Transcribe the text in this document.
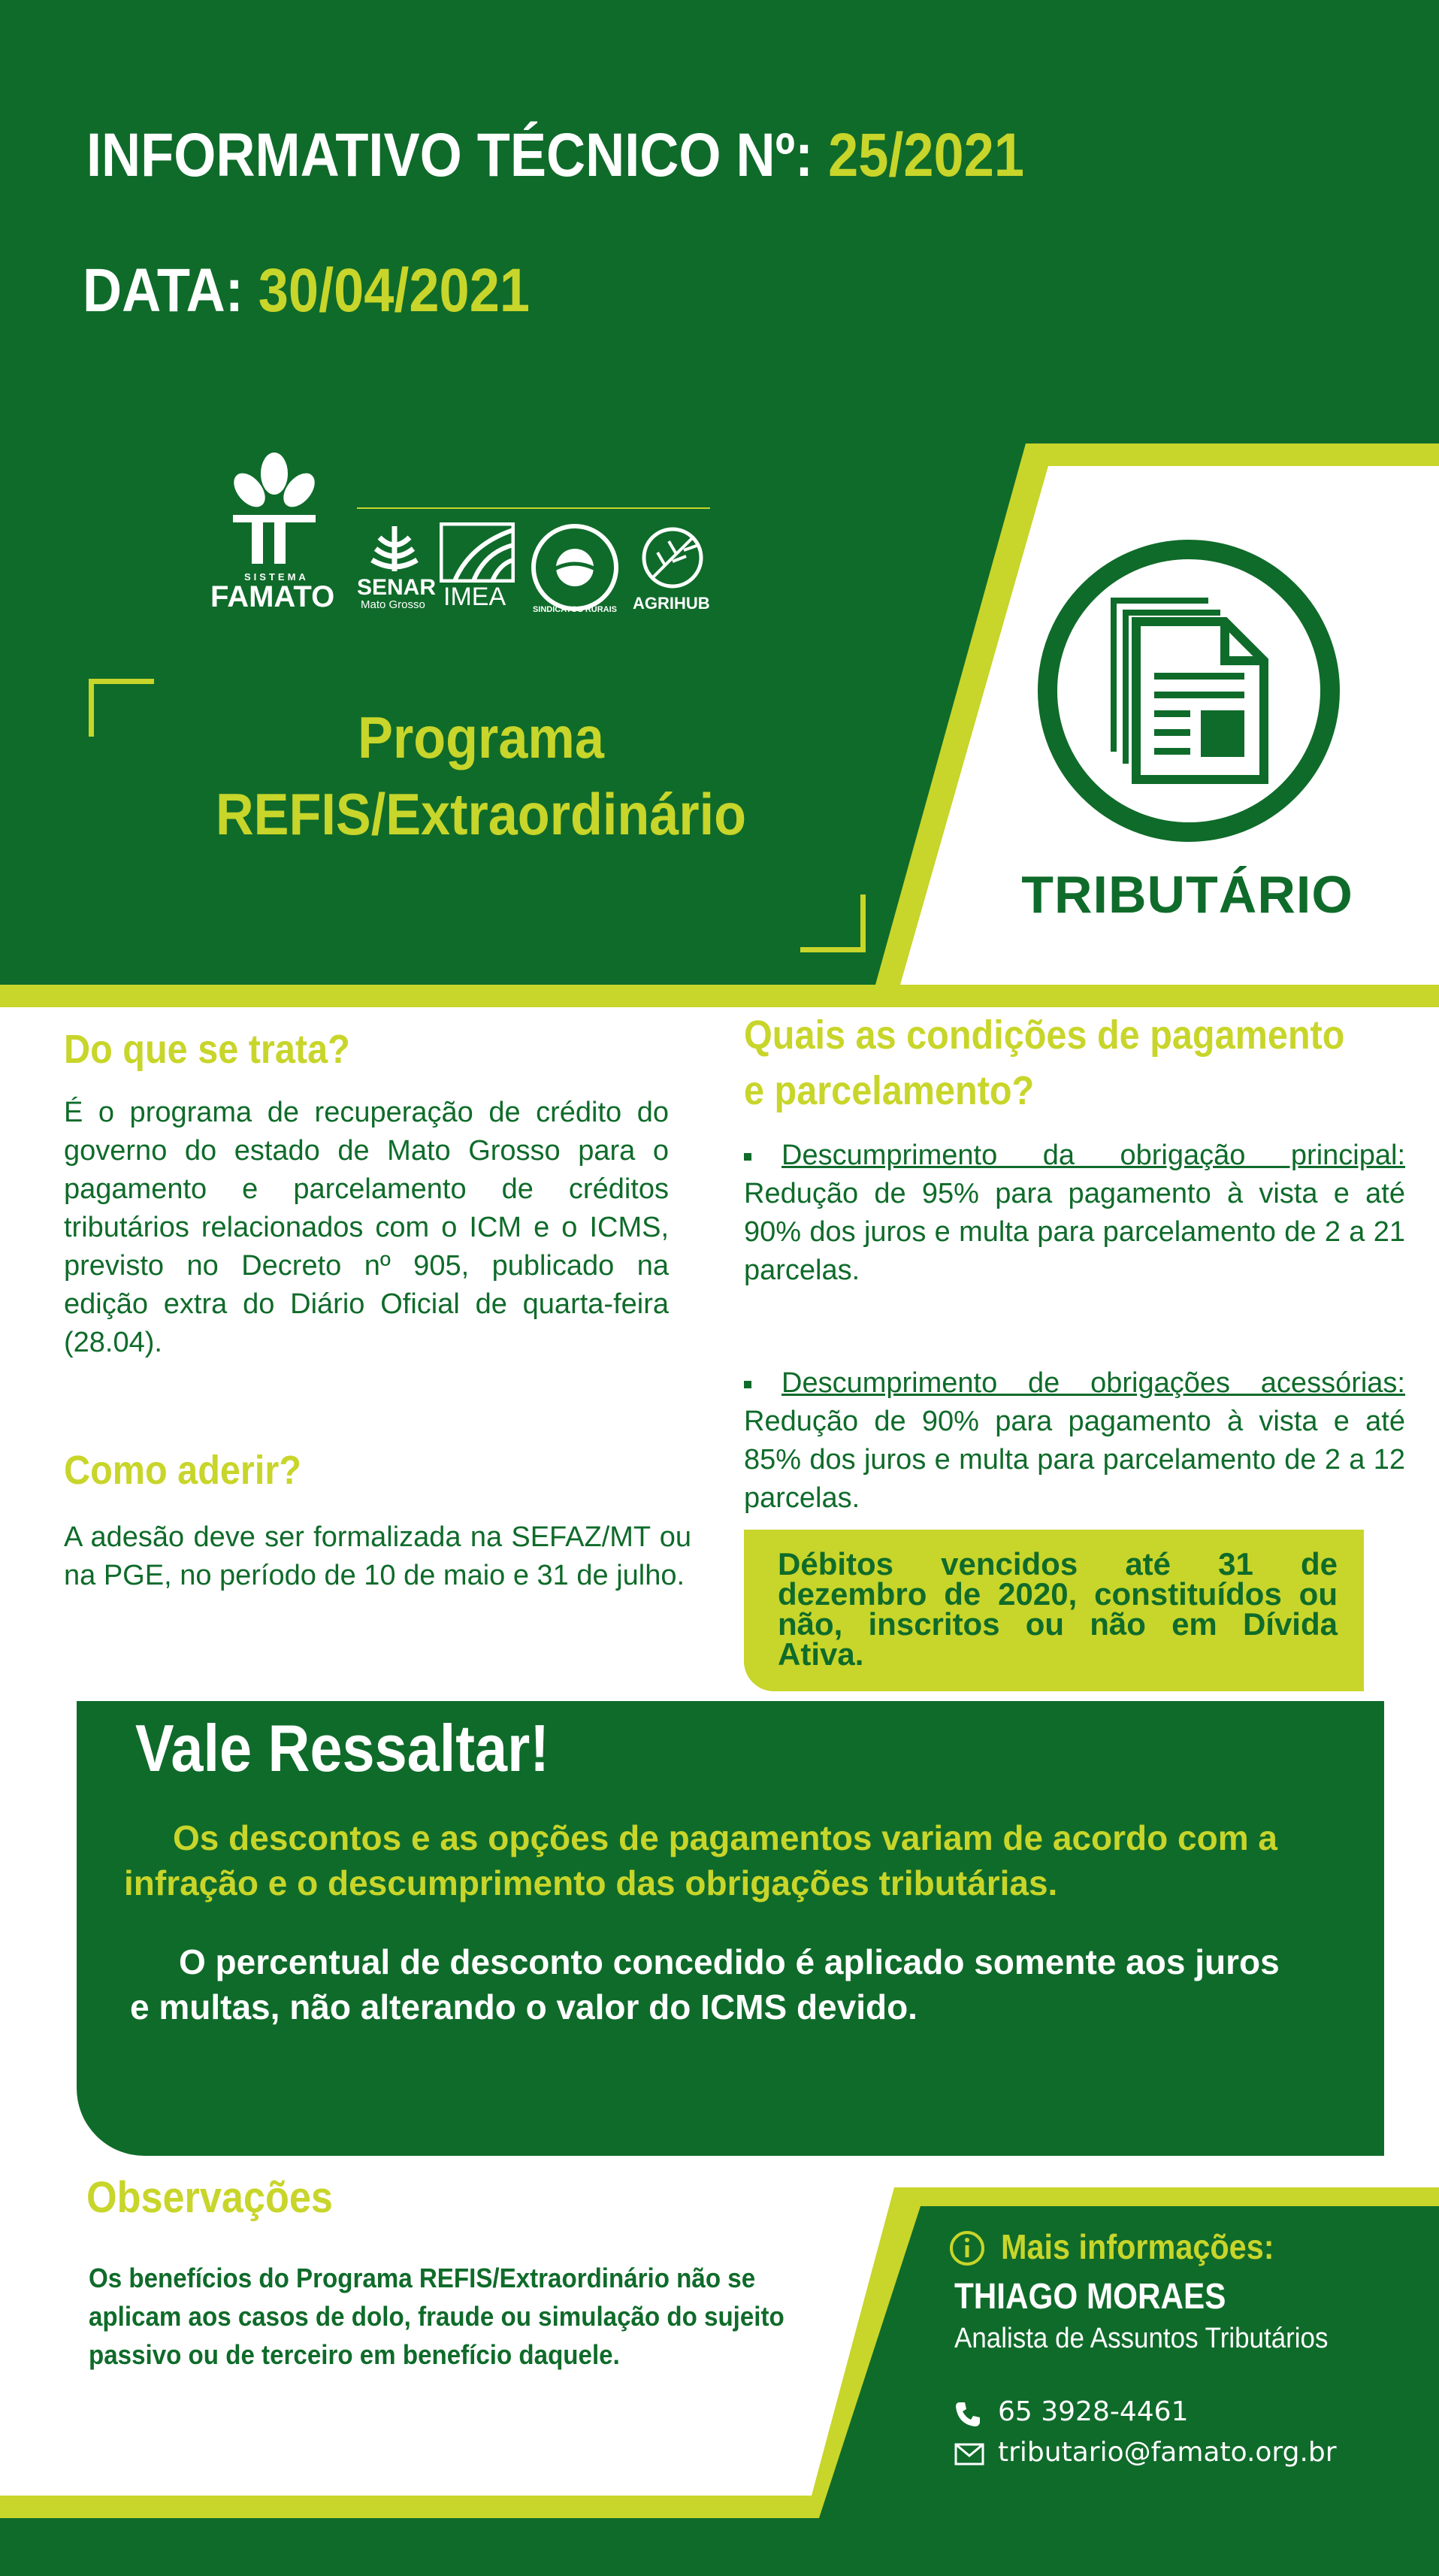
INFORMATIVO TÉCNICO Nº: 25/2021
DATA: 30/04/2021
SISTEMA
FAMATO SENAR
Mato Grosso IMEA	SINDICATOS RURAIS AGRIHUB
Programa
REFIS/Extraordinário
TRIBUTÁRIO
Do que se trata?
É o programa de recuperação de crédito do governo do estado de Mato Grosso para o pagamento e parcelamento de créditos tributários relacionados com o ICM e o ICMS, previsto no Decreto nº 905, publicado na edição extra do Diário Oficial de quarta-feira (28.04).
Como aderir?
A adesão deve ser formalizada na SEFAZ/MT ou na PGE, no período de 10 de maio e 31 de julho.
Quais as condições de pagamento
e parcelamento?
Descumprimento da obrigação principal: Redução de 95% para pagamento à vista e até 90% dos juros e multa para parcelamento de 2 a 21 parcelas.
Descumprimento de obrigações acessórias: Redução de 90% para pagamento à vista e até 85% dos juros e multa para parcelamento de 2 a 12 parcelas.
Débitos vencidos até 31 de dezembro de 2020, constituídos ou não, inscritos ou não em Dívida Ativa.
Vale Ressaltar!
Os descontos e as opções de pagamentos variam de acordo com a infração e o descumprimento das obrigações tributárias.
O percentual de desconto concedido é aplicado somente aos juros e multas, não alterando o valor do ICMS devido.
Observações
Os benefícios do Programa REFIS/Extraordinário não se aplicam aos casos de dolo, fraude ou simulação do sujeito passivo ou de terceiro em benefício daquele.
Mais informações:
THIAGO MORAES
Analista de Assuntos Tributários
65 3928-4461
tributario@famato.org.br
